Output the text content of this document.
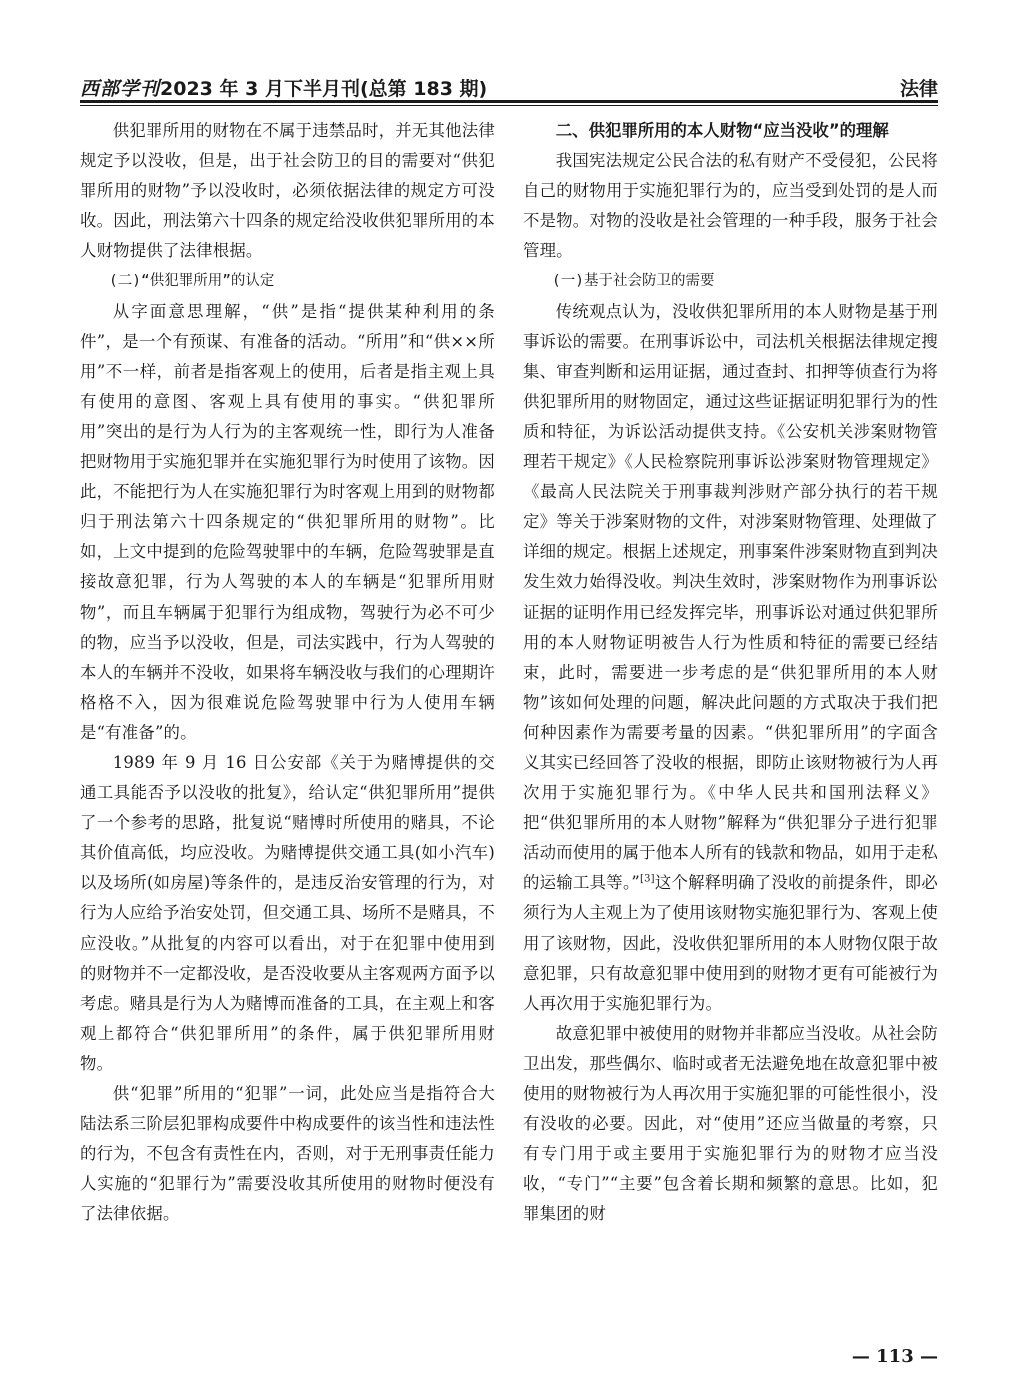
西部学刊2023 年 3 月下半月刊(总第 183 期)	法律

供犯罪所用的财物在不属于违禁品时，并无其他法律规定予以没收，但是，出于社会防卫的目的需要对“供犯罪所用的财物”予以没收时，必须依据法律的规定方可没收。因此，刑法第六十四条的规定给没收供犯罪所用的本人财物提供了法律根据。

(二)“供犯罪所用”的认定

从字面意思理解，“供”是指“提供某种利用的条件”，是一个有预谋、有准备的活动。“所用”和“供××所用”不一样，前者是指客观上的使用，后者是指主观上具有使用的意图、客观上具有使用的事实。“供犯罪所用”突出的是行为人行为的主客观统一性，即行为人准备把财物用于实施犯罪并在实施犯罪行为时使用了该物。因此，不能把行为人在实施犯罪行为时客观上用到的财物都归于刑法第六十四条规定的“供犯罪所用的财物”。比如，上文中提到的危险驾驶罪中的车辆，危险驾驶罪是直接故意犯罪，行为人驾驶的本人的车辆是“犯罪所用财物”，而且车辆属于犯罪行为组成物，驾驶行为必不可少的物，应当予以没收，但是，司法实践中，行为人驾驶的本人的车辆并不没收，如果将车辆没收与我们的心理期许格格不入，因为很难说危险驾驶罪中行为人使用车辆是“有准备”的。

1989 年 9 月 16 日公安部《关于为赌博提供的交通工具能否予以没收的批复》，给认定“供犯罪所用”提供了一个参考的思路，批复说“赌博时所使用的赌具，不论其价值高低，均应没收。为赌博提供交通工具(如小汽车)以及场所(如房屋)等条件的，是违反治安管理的行为，对行为人应给予治安处罚，但交通工具、场所不是赌具，不应没收。”从批复的内容可以看出，对于在犯罪中使用到的财物并不一定都没收，是否没收要从主客观两方面予以考虑。赌具是行为人为赌博而准备的工具，在主观上和客观上都符合“供犯罪所用”的条件，属于供犯罪所用财物。

供“犯罪”所用的“犯罪”一词，此处应当是指符合大陆法系三阶层犯罪构成要件中构成要件的该当性和违法性的行为，不包含有责性在内，否则，对于无刑事责任能力人实施的“犯罪行为”需要没收其所使用的财物时便没有了法律依据。

二、供犯罪所用的本人财物“应当没收”的理解

我国宪法规定公民合法的私有财产不受侵犯，公民将自己的财物用于实施犯罪行为的，应当受到处罚的是人而不是物。对物的没收是社会管理的一种手段，服务于社会管理。

(一)基于社会防卫的需要

传统观点认为，没收供犯罪所用的本人财物是基于刑事诉讼的需要。在刑事诉讼中，司法机关根据法律规定搜集、审查判断和运用证据，通过查封、扣押等侦查行为将供犯罪所用的财物固定，通过这些证据证明犯罪行为的性质和特征，为诉讼活动提供支持。《公安机关涉案财物管理若干规定》《人民检察院刑事诉讼涉案财物管理规定》《最高人民法院关于刑事裁判涉财产部分执行的若干规定》等关于涉案财物的文件，对涉案财物管理、处理做了详细的规定。根据上述规定，刑事案件涉案财物直到判决发生效力始得没收。判决生效时，涉案财物作为刑事诉讼证据的证明作用已经发挥完毕，刑事诉讼对通过供犯罪所用的本人财物证明被告人行为性质和特征的需要已经结束，此时，需要进一步考虑的是“供犯罪所用的本人财物”该如何处理的问题，解决此问题的方式取决于我们把何种因素作为需要考量的因素。“供犯罪所用”的字面含义其实已经回答了没收的根据，即防止该财物被行为人再次用于实施犯罪行为。《中华人民共和国刑法释义》把“供犯罪所用的本人财物”解释为“供犯罪分子进行犯罪活动而使用的属于他本人所有的钱款和物品，如用于走私的运输工具等。”[3]这个解释明确了没收的前提条件，即必须行为人主观上为了使用该财物实施犯罪行为、客观上使用了该财物，因此，没收供犯罪所用的本人财物仅限于故意犯罪，只有故意犯罪中使用到的财物才更有可能被行为人再次用于实施犯罪行为。

故意犯罪中被使用的财物并非都应当没收。从社会防卫出发，那些偶尔、临时或者无法避免地在故意犯罪中被使用的财物被行为人再次用于实施犯罪的可能性很小，没有没收的必要。因此，对“使用”还应当做量的考察，只有专门用于或主要用于实施犯罪行为的财物才应当没收，“专门”“主要”包含着长期和频繁的意思。比如，犯罪集团的财

— 113 —
